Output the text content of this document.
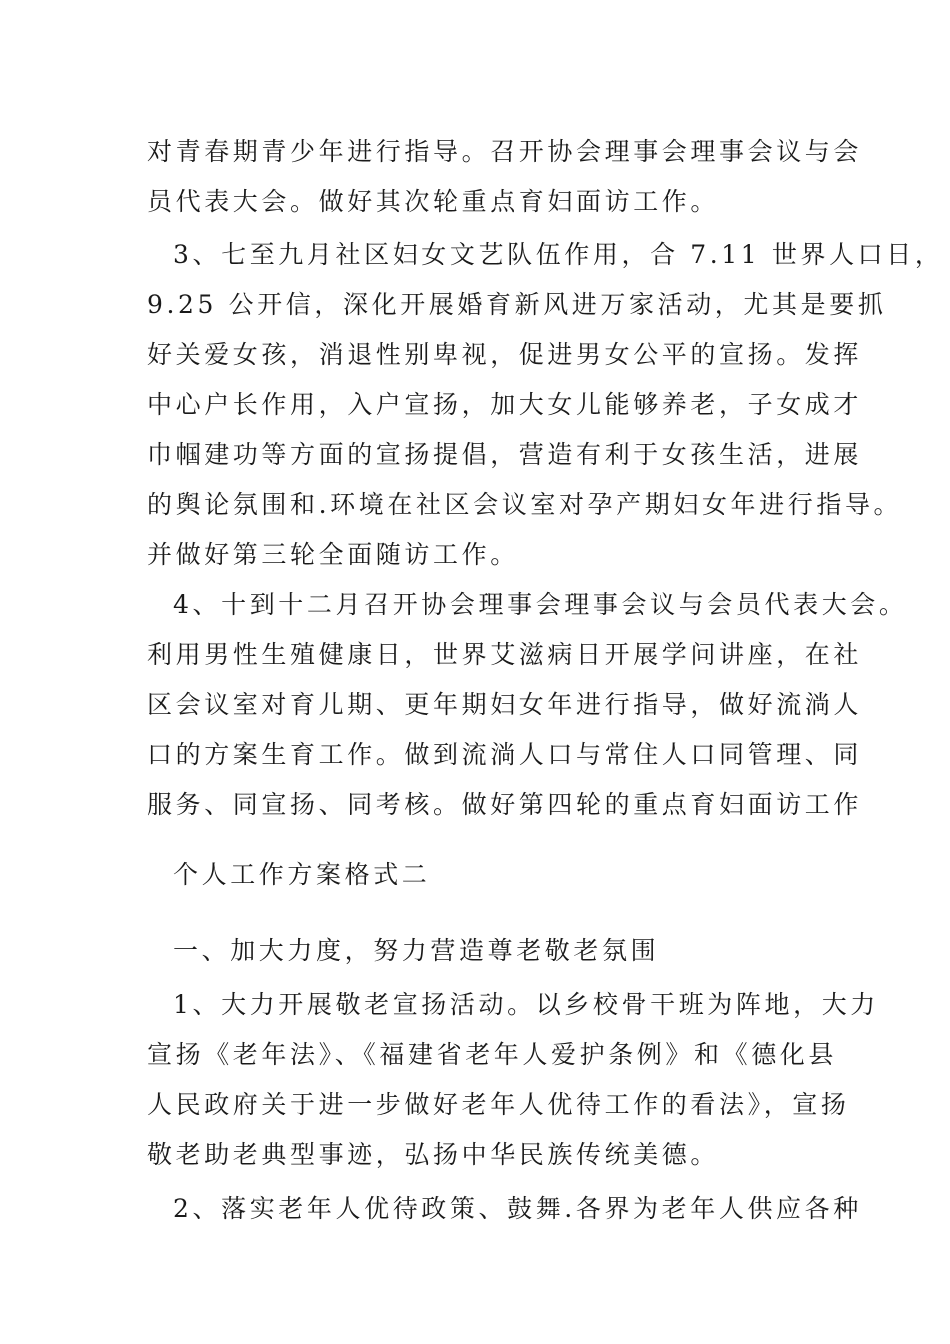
对青春期青少年进行指导。召开协会理事会理事会议与会
员代表大会。做好其次轮重点育妇面访工作。
3、七至九月社区妇女文艺队伍作用，合 7.11 世界人口日，
9.25 公开信，深化开展婚育新风进万家活动，尤其是要抓
好关爱女孩，消退性别卑视，促进男女公平的宣扬。发挥
中心户长作用，入户宣扬，加大女儿能够养老，子女成才
巾帼建功等方面的宣扬提倡，营造有利于女孩生活，进展
的舆论氛围和.环境在社区会议室对孕产期妇女年进行指导。
并做好第三轮全面随访工作。
4、十到十二月召开协会理事会理事会议与会员代表大会。
利用男性生殖健康日，世界艾滋病日开展学问讲座，在社
区会议室对育儿期、更年期妇女年进行指导，做好流淌人
口的方案生育工作。做到流淌人口与常住人口同管理、同
服务、同宣扬、同考核。做好第四轮的重点育妇面访工作
个人工作方案格式二
一、加大力度，努力营造尊老敬老氛围
1、大力开展敬老宣扬活动。以乡校骨干班为阵地，大力
宣扬《老年法》、《福建省老年人爱护条例》和《德化县
人民政府关于进一步做好老年人优待工作的看法》，宣扬
敬老助老典型事迹，弘扬中华民族传统美德。
2、落实老年人优待政策、鼓舞.各界为老年人供应各种
